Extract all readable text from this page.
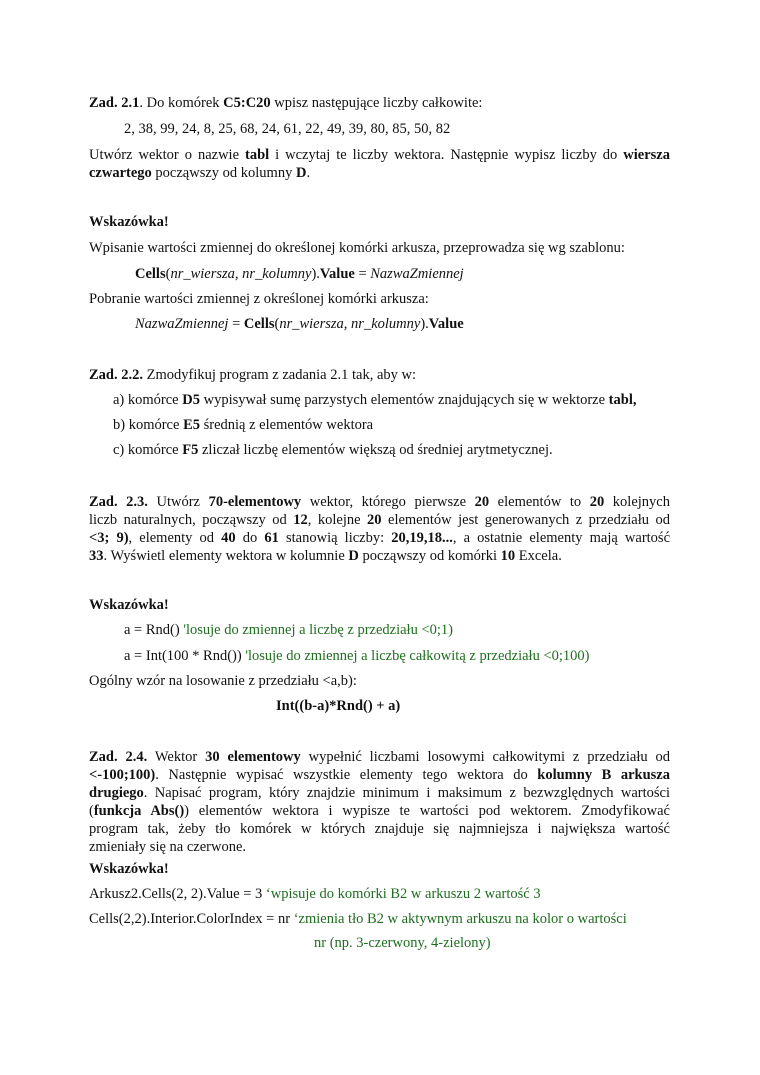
Zad. 2.1. Do komórek C5:C20 wpisz następujące liczby całkowite:
2, 38, 99, 24, 8, 25, 68, 24, 61, 22, 49, 39, 80, 85, 50, 82
Utwórz wektor o nazwie tabl i wczytaj te liczby wektora. Następnie wypisz liczby do wiersza
czwartego począwszy od kolumny D.
Wskazówka!
Wpisanie wartości zmiennej do określonej komórki arkusza, przeprowadza się wg szablonu:
Cells(nr_wiersza, nr_kolumny).Value = NazwaZmiennej
Pobranie wartości zmiennej z określonej komórki arkusza:
NazwaZmiennej = Cells(nr_wiersza, nr_kolumny).Value
Zad. 2.2. Zmodyfikuj program z zadania 2.1 tak, aby w:
a) komórce D5 wypisywał sumę parzystych elementów znajdujących się w wektorze tabl,
b) komórce E5 średnią z elementów wektora
c) komórce F5 zliczał liczbę elementów większą od średniej arytmetycznej.
Zad. 2.3. Utwórz 70-elementowy wektor, którego pierwsze 20 elementów to 20 kolejnych
liczb naturalnych, począwszy od 12, kolejne 20 elementów jest generowanych z przedziału od
<3; 9), elementy od 40 do 61 stanowią liczby: 20,19,18..., a ostatnie elementy mają wartość
33. Wyświetl elementy wektora w kolumnie D począwszy od komórki 10 Excela.
Wskazówka!
a = Rnd() 'losuje do zmiennej a liczbę z przedziału <0;1)
a = Int(100 * Rnd()) 'losuje do zmiennej a liczbę całkowitą z przedziału <0;100)
Ogólny wzór na losowanie z przedziału <a,b):
Int((b-a)*Rnd() + a)
Zad. 2.4. Wektor 30 elementowy wypełnić liczbami losowymi całkowitymi z przedziału od
<-100;100). Następnie wypisać wszystkie elementy tego wektora do kolumny B arkusza
drugiego. Napisać program, który znajdzie minimum i maksimum z bezwzględnych wartości
(funkcja Abs()) elementów wektora i wypisze te wartości pod wektorem. Zmodyfikować
program tak, żeby tło komórek w których znajduje się najmniejsza i największa wartość
zmieniały się na czerwone.
Wskazówka!
Arkusz2.Cells(2, 2).Value = 3 ‘wpisuje do komórki B2 w arkuszu 2 wartość 3
Cells(2,2).Interior.ColorIndex = nr ‘zmienia tło B2 w aktywnym arkuszu na kolor o wartości
nr (np. 3-czerwony, 4-zielony)
